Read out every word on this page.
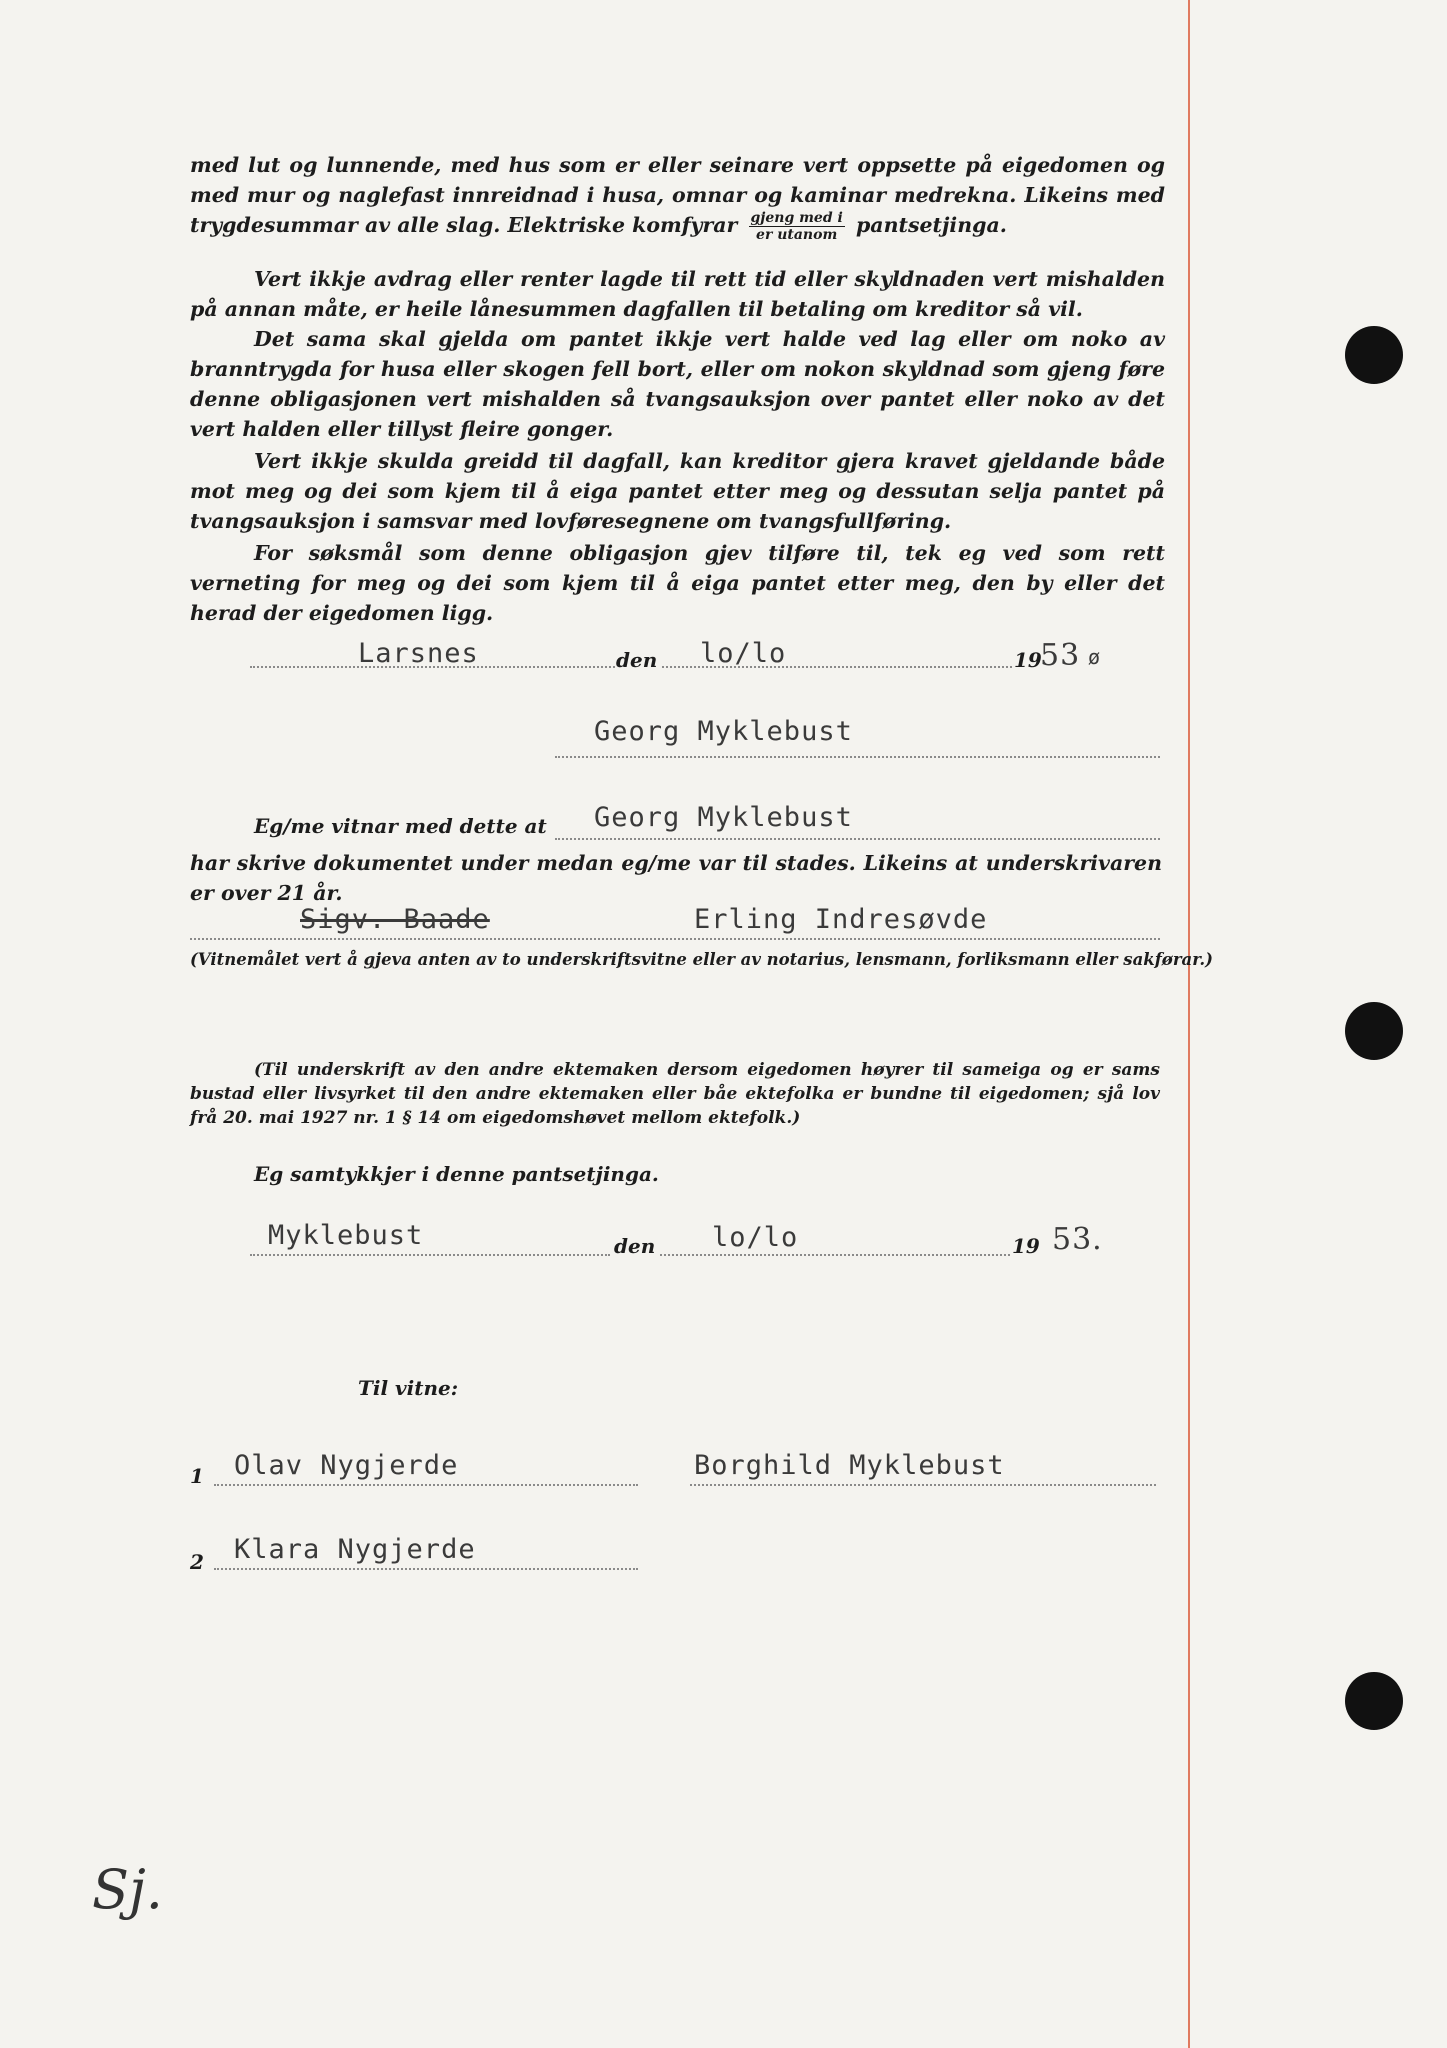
med lut og lunnende, med hus som er eller seinare vert oppsette på eigedomen og med mur og naglefast innreidnad i husa, omnar og kaminar medrekna. Likeins med trygdesummar av alle slag. Elektriske komfyrar $\frac{\text{gjeng med i}}{\text{er utanom}}$ pantsetjinga.

Vert ikkje avdrag eller renter lagde til rett tid eller skyldnaden vert mishalden på annan måte, er heile lånesummen dagfallen til betaling om kreditor så vil.

Det sama skal gjelda om pantet ikkje vert halde ved lag eller om noko av branntrygda for husa eller skogen fell bort, eller om nokon skyldnad som gjeng føre denne obligasjonen vert mishalden så tvangsauksjon over pantet eller noko av det vert halden eller tillyst fleire gonger.

Vert ikkje skulda greidd til dagfall, kan kreditor gjera kravet gjeldande både mot meg og dei som kjem til å eiga pantet etter meg og dessutan selja pantet på tvangsauksjon i samsvar med lovføresegnene om tvangsfullføring.

For søksmål som denne obligasjon gjev tilføre til, tek eg ved som rett verneting for meg og dei som kjem til å eiga pantet etter meg, den by eller det herad der eigedomen ligg.

Larsnes	den lo/lo	19
53 ø
Georg Myklebust
Eg/me vitnar med dette at Georg Myklebust

har skrive dokumentet under medan eg/me var til stades. Likeins at underskrivaren er over 21 år.

Sigv. Baade	Erling Indresøvde
(Vitnemålet vert å gjeva anten av to underskriftsvitne eller av notarius, lensmann, forliksmann eller sakførar.)

(Til underskrift av den andre ektemaken dersom eigedomen høyrer til sameiga og er sams bustad eller livsyrket til den andre ektemaken eller båe ektefolka er bundne til eigedomen; sjå lov frå 20. mai 1927 nr. 1 § 14 om eigedomshøvet mellom ektefolk.)

Eg samtykkjer i denne pantsetjinga.
Myklebust	den lo/lo	19 53.
Til vitne:
1 Olav Nygjerde	Borghild Myklebust
2 Klara Nygjerde
Sj.
